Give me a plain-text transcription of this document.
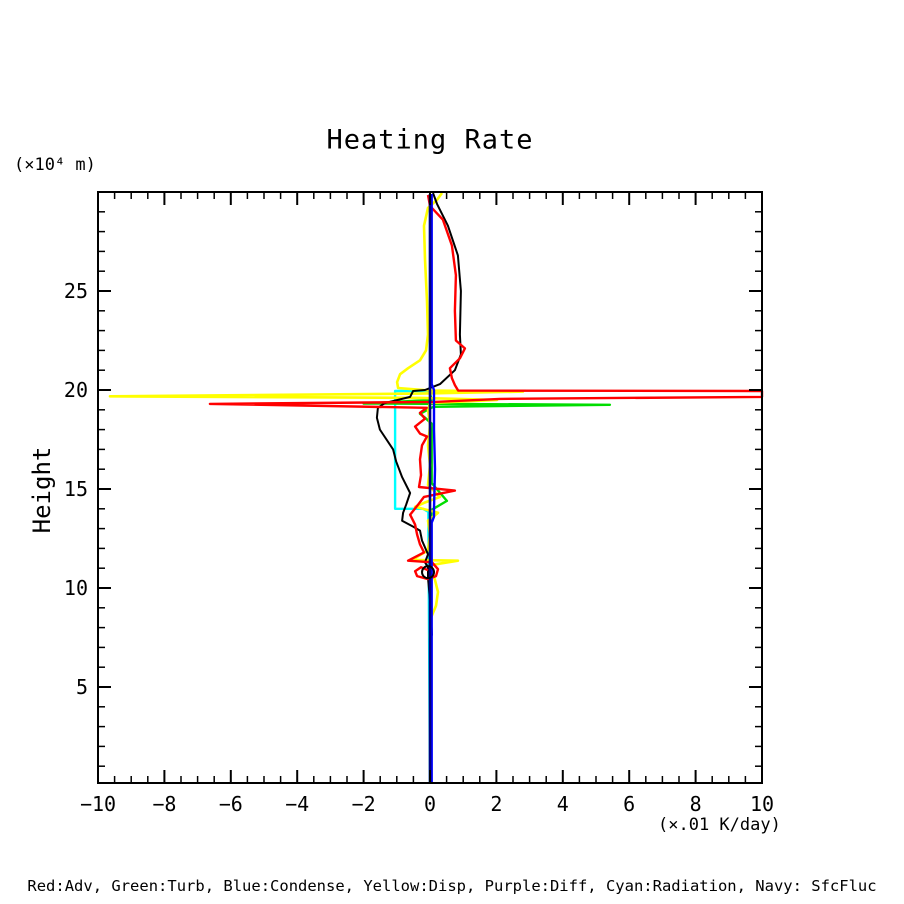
Heating Rate
(×10⁴ m)
Height
−10 −8 −6 −4 −2 0	2	4	6	8 10
5
10
15
20
25
(×.01 K/day)
Red:Adv, Green:Turb, Blue:Condense, Yellow:Disp, Purple:Diff, Cyan:Radiation, Navy: SfcFluc
